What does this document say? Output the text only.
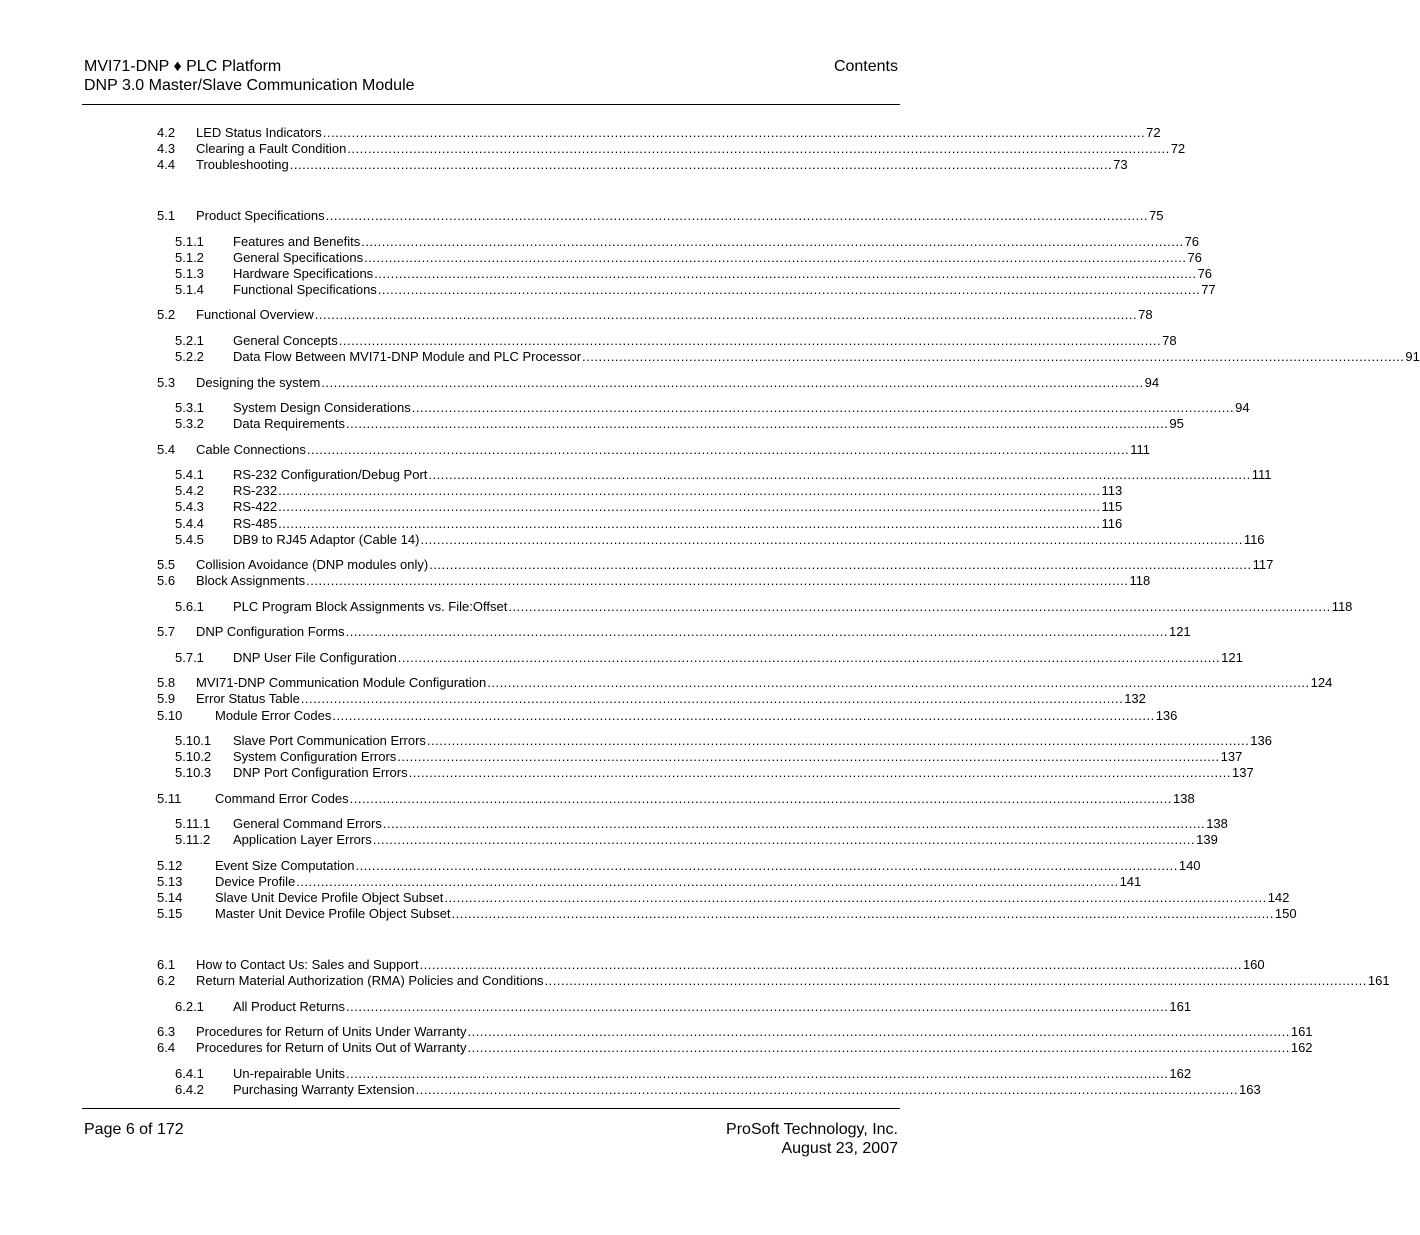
MVI71-DNP ♦ PLC Platform
DNP 3.0 Master/Slave Communication Module
Contents
4.2	LED Status Indicators ........................................................................................................................................................................................................ 72
4.3	Clearing a Fault Condition ........................................................................................................................................................................................................ 72
4.4	Troubleshooting ........................................................................................................................................................................................................ 73
5.1	Product Specifications ........................................................................................................................................................................................................ 75
5.1.1	Features and Benefits ........................................................................................................................................................................................................ 76
5.1.2	General Specifications ........................................................................................................................................................................................................ 76
5.1.3	Hardware Specifications ........................................................................................................................................................................................................ 76
5.1.4	Functional Specifications ........................................................................................................................................................................................................ 77
5.2	Functional Overview ........................................................................................................................................................................................................ 78
5.2.1	General Concepts ........................................................................................................................................................................................................ 78
5.2.2	Data Flow Between MVI71-DNP Module and PLC Processor ........................................................................................................................................................................................................ 91
5.3	Designing the system ........................................................................................................................................................................................................ 94
5.3.1	System Design Considerations ........................................................................................................................................................................................................ 94
5.3.2	Data Requirements ........................................................................................................................................................................................................ 95
5.4	Cable Connections ........................................................................................................................................................................................................ 111
5.4.1	RS-232 Configuration/Debug Port ........................................................................................................................................................................................................ 111
5.4.2	RS-232 ........................................................................................................................................................................................................ 113
5.4.3	RS-422 ........................................................................................................................................................................................................ 115
5.4.4	RS-485 ........................................................................................................................................................................................................ 116
5.4.5	DB9 to RJ45 Adaptor (Cable 14) ........................................................................................................................................................................................................ 116
5.5	Collision Avoidance (DNP modules only) ........................................................................................................................................................................................................ 117
5.6	Block Assignments ........................................................................................................................................................................................................ 118
5.6.1	PLC Program Block Assignments vs. File:Offset ........................................................................................................................................................................................................ 118
5.7	DNP Configuration Forms ........................................................................................................................................................................................................ 121
5.7.1	DNP User File Configuration ........................................................................................................................................................................................................ 121
5.8	MVI71-DNP Communication Module Configuration ........................................................................................................................................................................................................ 124
5.9	Error Status Table ........................................................................................................................................................................................................ 132
5.10	Module Error Codes ........................................................................................................................................................................................................ 136
5.10.1	Slave Port Communication Errors ........................................................................................................................................................................................................ 136
5.10.2	System Configuration Errors ........................................................................................................................................................................................................ 137
5.10.3	DNP Port Configuration Errors ........................................................................................................................................................................................................ 137
5.11	Command Error Codes ........................................................................................................................................................................................................ 138
5.11.1	General Command Errors ........................................................................................................................................................................................................ 138
5.11.2	Application Layer Errors ........................................................................................................................................................................................................ 139
5.12	Event Size Computation ........................................................................................................................................................................................................ 140
5.13	Device Profile ........................................................................................................................................................................................................ 141
5.14	Slave Unit Device Profile Object Subset ........................................................................................................................................................................................................ 142
5.15	Master Unit Device Profile Object Subset ........................................................................................................................................................................................................ 150
6.1	How to Contact Us: Sales and Support ........................................................................................................................................................................................................ 160
6.2	Return Material Authorization (RMA) Policies and Conditions ........................................................................................................................................................................................................ 161
6.2.1	All Product Returns ........................................................................................................................................................................................................ 161
6.3	Procedures for Return of Units Under Warranty ........................................................................................................................................................................................................ 161
6.4	Procedures for Return of Units Out of Warranty ........................................................................................................................................................................................................ 162
6.4.1	Un-repairable Units ........................................................................................................................................................................................................ 162
6.4.2	Purchasing Warranty Extension ........................................................................................................................................................................................................ 163
Page 6 of 172	ProSoft Technology, Inc.
August 23, 2007
